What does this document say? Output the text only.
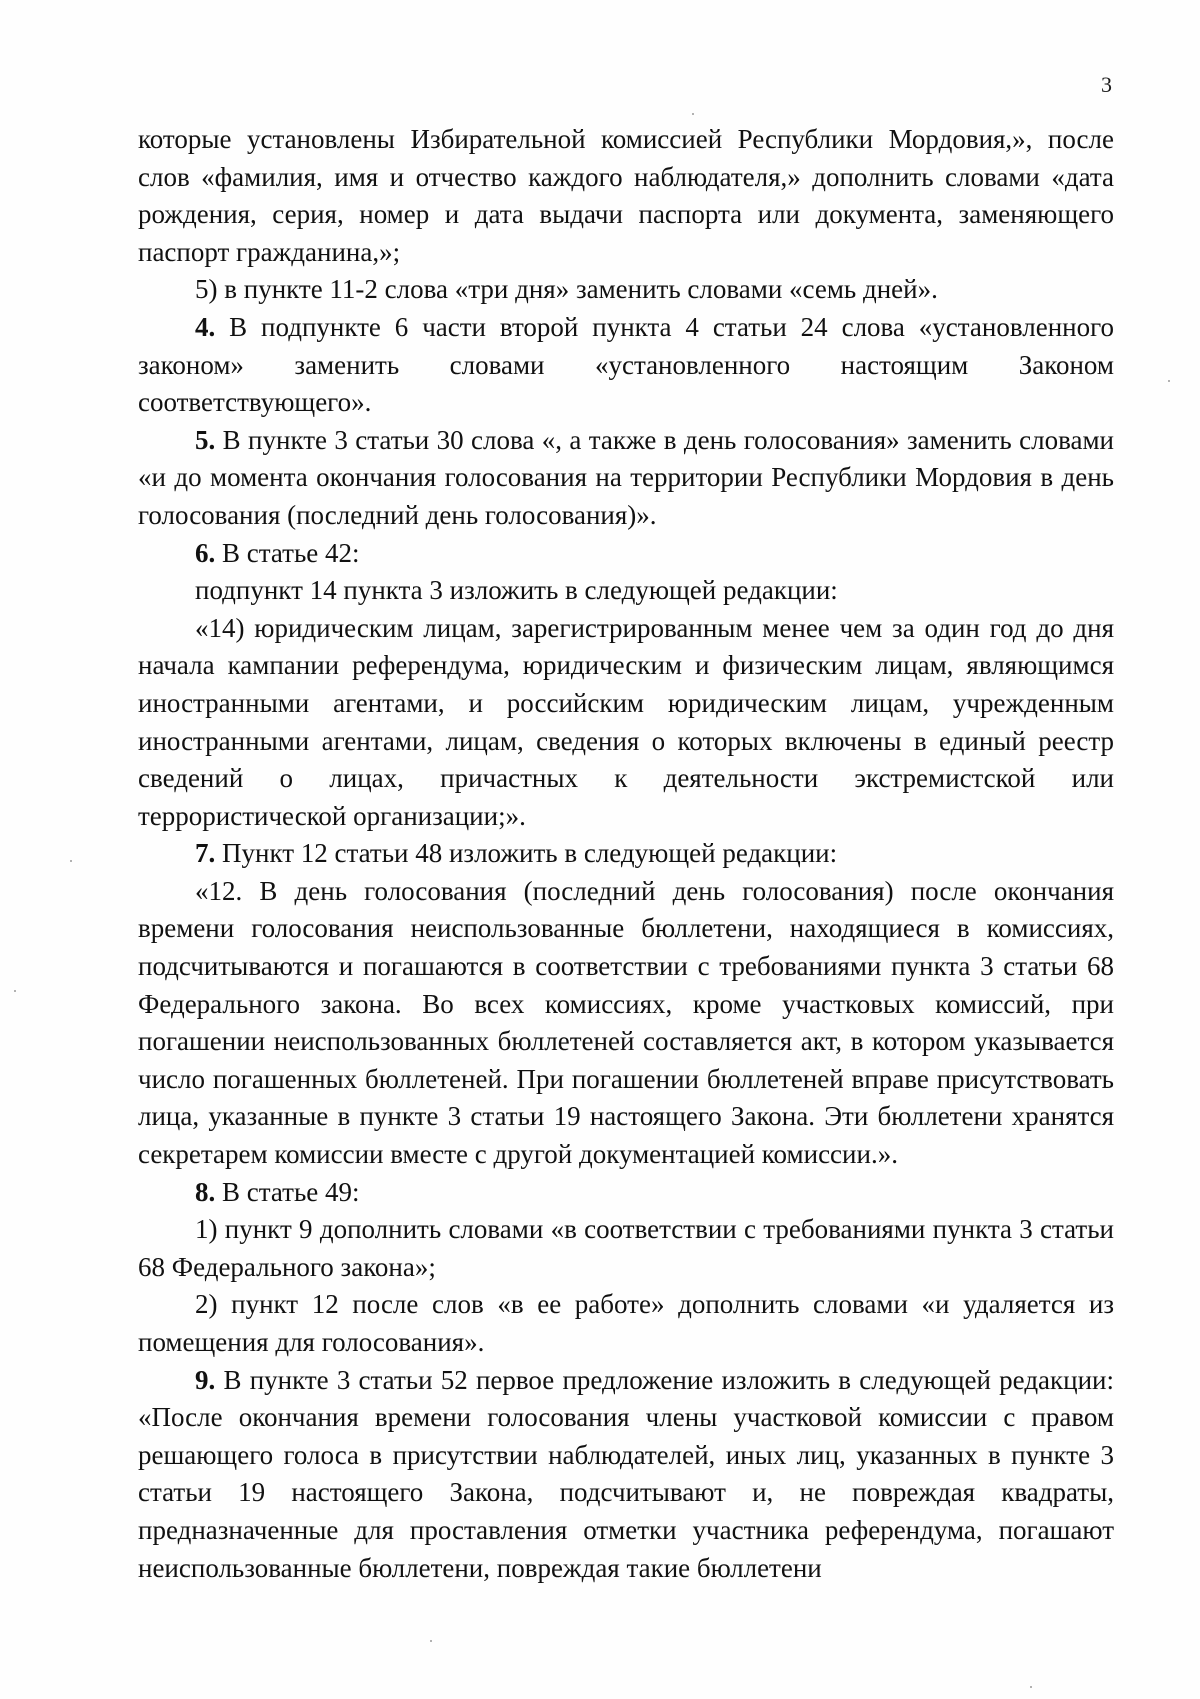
3

которые установлены Избирательной комиссией Республики Мордовия,», после слов «фамилия, имя и отчество каждого наблюдателя,» дополнить словами «дата рождения, серия, номер и дата выдачи паспорта или документа, заменяющего паспорт гражданина,»;

5) в пункте 11-2 слова «три дня» заменить словами «семь дней».

4. В подпункте 6 части второй пункта 4 статьи 24 слова «установленного законом» заменить словами «установленного настоящим Законом соответствующего».

5. В пункте 3 статьи 30 слова «, а также в день голосования» заменить словами «и до момента окончания голосования на территории Республики Мордовия в день голосования (последний день голосования)».

6. В статье 42:

подпункт 14 пункта 3 изложить в следующей редакции:

«14) юридическим лицам, зарегистрированным менее чем за один год до дня начала кампании референдума, юридическим и физическим лицам, являющимся иностранными агентами, и российским юридическим лицам, учрежденным иностранными агентами, лицам, сведения о которых включены в единый реестр сведений о лицах, причастных к деятельности экстремистской или террористической организации;».

7. Пункт 12 статьи 48 изложить в следующей редакции:

«12. В день голосования (последний день голосования) после окончания времени голосования неиспользованные бюллетени, находящиеся в комиссиях, подсчитываются и погашаются в соответствии с требованиями пункта 3 статьи 68 Федерального закона. Во всех комиссиях, кроме участковых комиссий, при погашении неиспользованных бюллетеней составляется акт, в котором указывается число погашенных бюллетеней. При погашении бюллетеней вправе присутствовать лица, указанные в пункте 3 статьи 19 настоящего Закона. Эти бюллетени хранятся секретарем комиссии вместе с другой документацией комиссии.».

8. В статье 49:

1) пункт 9 дополнить словами «в соответствии с требованиями пункта 3 статьи 68 Федерального закона»;

2) пункт 12 после слов «в ее работе» дополнить словами «и удаляется из помещения для голосования».

9. В пункте 3 статьи 52 первое предложение изложить в следующей редакции: «После окончания времени голосования члены участковой комиссии с правом решающего голоса в присутствии наблюдателей, иных лиц, указанных в пункте 3 статьи 19 настоящего Закона, подсчитывают и, не повреждая квадраты, предназначенные для проставления отметки участника референдума, погашают неиспользованные бюллетени, повреждая такие бюллетени
